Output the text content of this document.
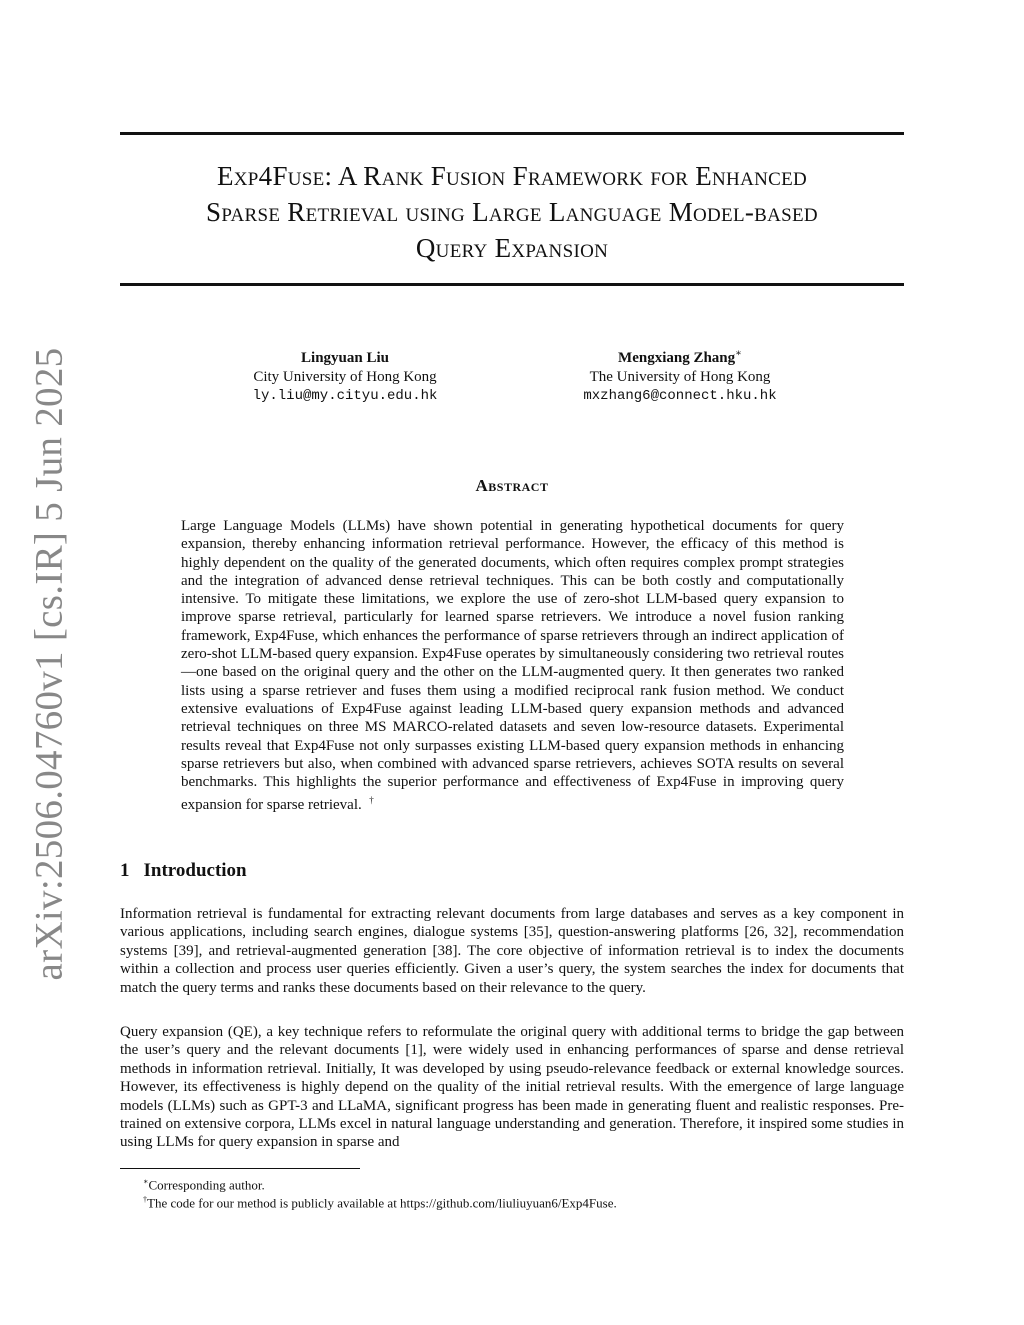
arXiv:2506.04760v1 [cs.IR] 5 Jun 2025
Exp4Fuse: A Rank Fusion Framework for Enhanced
Sparse Retrieval using Large Language Model-based
Query Expansion
Lingyuan Liu
City University of Hong Kong
ly.liu@my.cityu.edu.hk
Mengxiang Zhang∗
The University of Hong Kong
mxzhang6@connect.hku.hk
Abstract

Large Language Models (LLMs) have shown potential in generating hypothetical documents for query expansion, thereby enhancing information retrieval performance. However, the efficacy of this method is highly dependent on the quality of the generated documents, which often requires complex prompt strategies and the integration of advanced dense retrieval techniques. This can be both costly and computationally intensive. To mitigate these limitations, we explore the use of zero-shot LLM-based query expansion to improve sparse retrieval, particularly for learned sparse retrievers. We introduce a novel fusion ranking framework, Exp4Fuse, which enhances the performance of sparse retrievers through an indirect application of zero-shot LLM-based query expansion. Exp4Fuse operates by simultaneously considering two retrieval routes—one based on the original query and the other on the LLM-augmented query. It then generates two ranked lists using a sparse retriever and fuses them using a modified reciprocal rank fusion method. We conduct extensive evaluations of Exp4Fuse against leading LLM-based query expansion methods and advanced retrieval techniques on three MS MARCO-related datasets and seven low-resource datasets. Experimental results reveal that Exp4Fuse not only surpasses existing LLM-based query expansion methods in enhancing sparse retrievers but also, when combined with advanced sparse retrievers, achieves SOTA results on several benchmarks. This highlights the superior performance and effectiveness of Exp4Fuse in improving query expansion for sparse retrieval. †

1 Introduction

Information retrieval is fundamental for extracting relevant documents from large databases and serves as a key component in various applications, including search engines, dialogue systems [35], question-answering platforms [26, 32], recommendation systems [39], and retrieval-augmented generation [38]. The core objective of information retrieval is to index the documents within a collection and process user queries efficiently. Given a user’s query, the system searches the index for documents that match the query terms and ranks these documents based on their relevance to the query.

Query expansion (QE), a key technique refers to reformulate the original query with additional terms to bridge the gap between the user’s query and the relevant documents [1], were widely used in enhancing performances of sparse and dense retrieval methods in information retrieval. Initially, It was developed by using pseudo-relevance feedback or external knowledge sources. However, its effectiveness is highly depend on the quality of the initial retrieval results. With the emergence of large language models (LLMs) such as GPT-3 and LLaMA, significant progress has been made in generating fluent and realistic responses. Pre-trained on extensive corpora, LLMs excel in natural language understanding and generation. Therefore, it inspired some studies in using LLMs for query expansion in sparse and

∗Corresponding author.
†The code for our method is publicly available at https://github.com/liuliuyuan6/Exp4Fuse.
